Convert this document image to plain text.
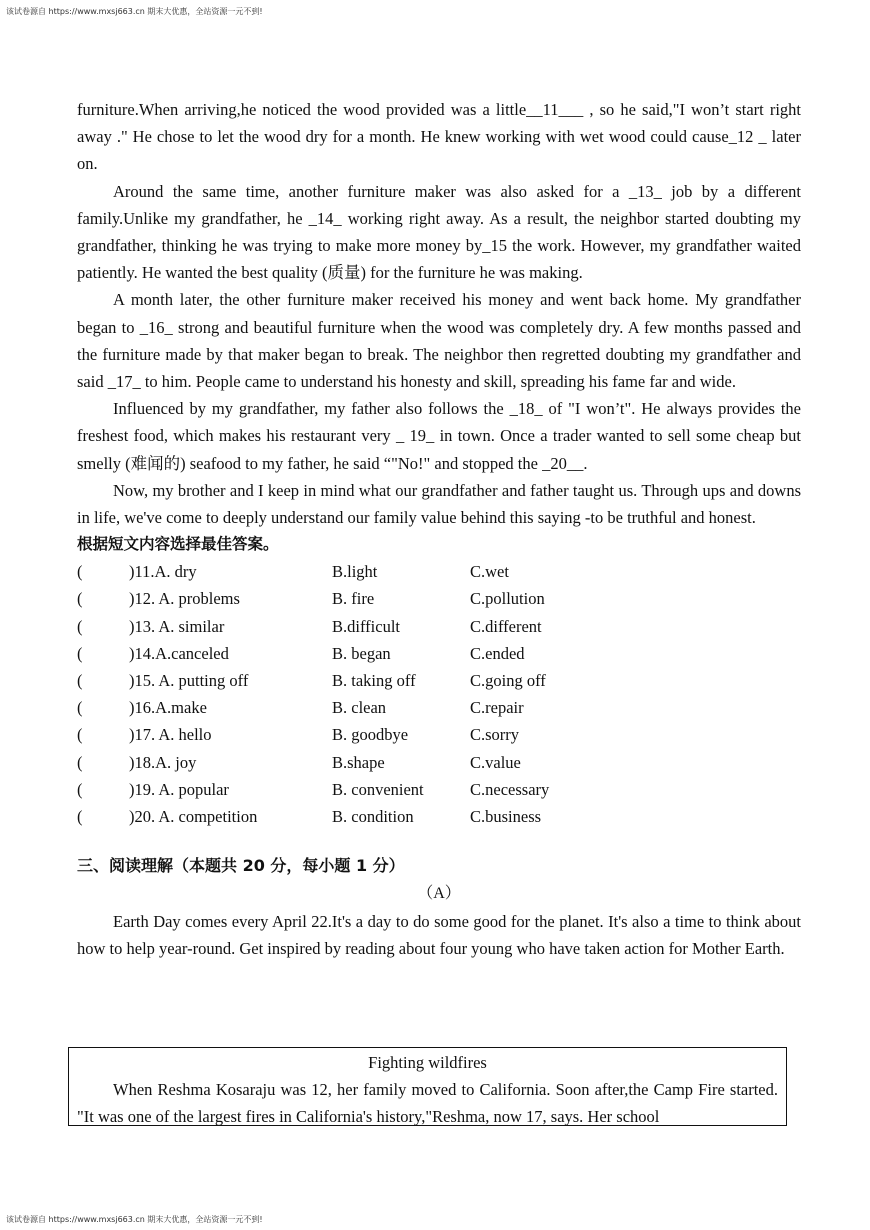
该试卷源自 https://www.mxsj663.cn 期末大优惠，全站资源一元不到!

furniture.When arriving,he noticed the wood provided was a little__11___ , so he said,"I won’t start right away ." He chose to let the wood dry for a month. He knew working with wet wood could cause_12 _ later on.

Around the same time, another furniture maker was also asked for a _13_ job by a different family.Unlike my grandfather, he _14_ working right away. As a result, the neighbor started doubting my grandfather, thinking he was trying to make more money by_15 the work. However, my grandfather waited patiently. He wanted the best quality (质量) for the furniture he was making.

A month later, the other furniture maker received his money and went back home. My grandfather began to _16_ strong and beautiful furniture when the wood was completely dry. A few months passed and the furniture made by that maker began to break. The neighbor then regretted doubting my grandfather and said _17_ to him. People came to understand his honesty and skill, spreading his fame far and wide.

Influenced by my grandfather, my father also follows the _18_ of "I won’t". He always provides the freshest food, which makes his restaurant very _ 19_ in town. Once a trader wanted to sell some cheap but smelly (难闻的) seafood to my father, he said “"No!" and stopped the _20__.

Now, my brother and I keep in mind what our grandfather and father taught us. Through ups and downs in life, we've come to deeply understand our family value behind this saying -to be truthful and honest.

根据短文内容选择最佳答案。
(	)11.A. dry	B.light	C.wet
(	)12. A. problems	B. fire	C.pollution
(	)13. A. similar	B.difficult	C.different
(	)14.A.canceled	B. began	C.ended
(	)15. A. putting off	B. taking off	C.going off
(	)16.A.make	B. clean	C.repair
(	)17. A. hello	B. goodbye	C.sorry
(	)18.A. joy	B.shape	C.value
(	)19. A. popular	B. convenient	C.necessary
(	)20. A. competition	B. condition	C.business
三、阅读理解（本题共 20 分，每小题 1 分）
（A）

Earth Day comes every April 22.It's a day to do some good for the planet. It's also a time to think about how to help year-round. Get inspired by reading about four young who have taken action for Mother Earth.

Fighting wildfires

When Reshma Kosaraju was 12, her family moved to California. Soon after,the Camp Fire started. "It was one of the largest fires in California's history,"Reshma, now 17, says. Her school

该试卷源自 https://www.mxsj663.cn 期末大优惠，全站资源一元不到!
